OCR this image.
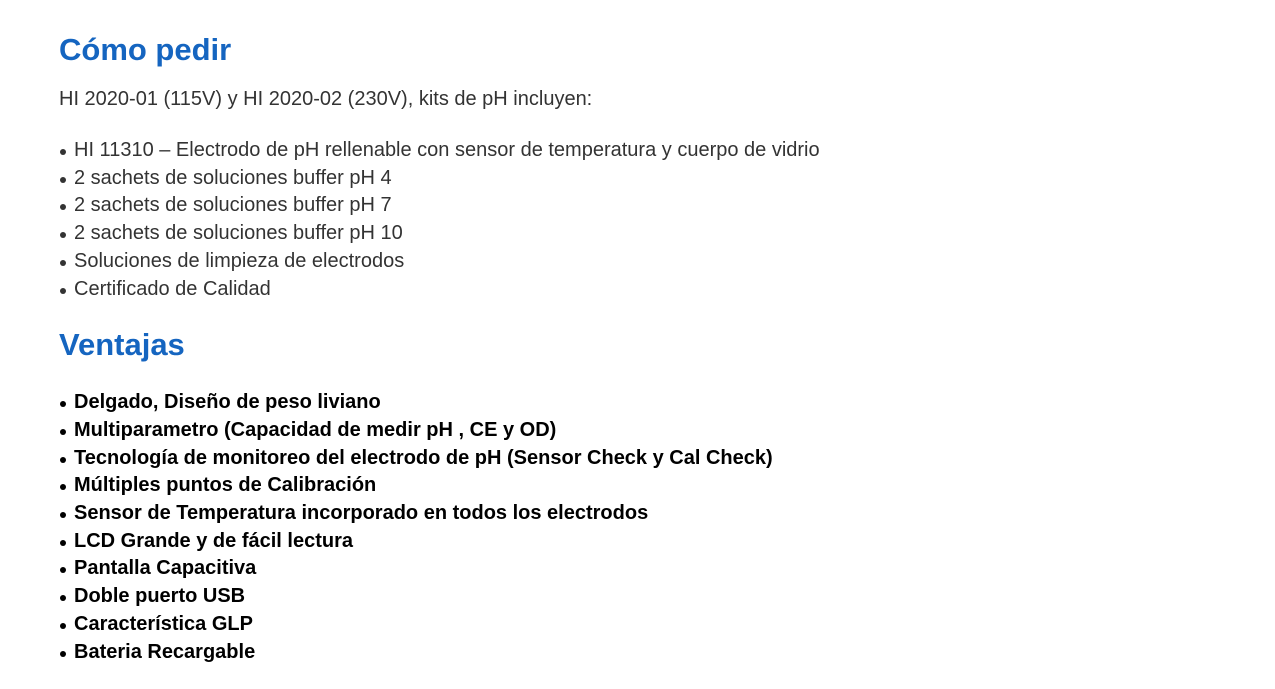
Cómo pedir

HI 2020-01 (115V) y HI 2020-02 (230V), kits de pH incluyen:

HI 11310 – Electrodo de pH rellenable con sensor de temperatura y cuerpo de vidrio
2 sachets de soluciones buffer pH 4
2 sachets de soluciones buffer pH 7
2 sachets de soluciones buffer pH 10
Soluciones de limpieza de electrodos
Certificado de Calidad
Ventajas
Delgado, Diseño de peso liviano
Multiparametro (Capacidad de medir pH , CE y OD)
Tecnología de monitoreo del electrodo de pH (Sensor Check y Cal Check)
Múltiples puntos de Calibración
Sensor de Temperatura incorporado en todos los electrodos
LCD Grande y de fácil lectura
Pantalla Capacitiva
Doble puerto USB
Característica GLP
Bateria Recargable
